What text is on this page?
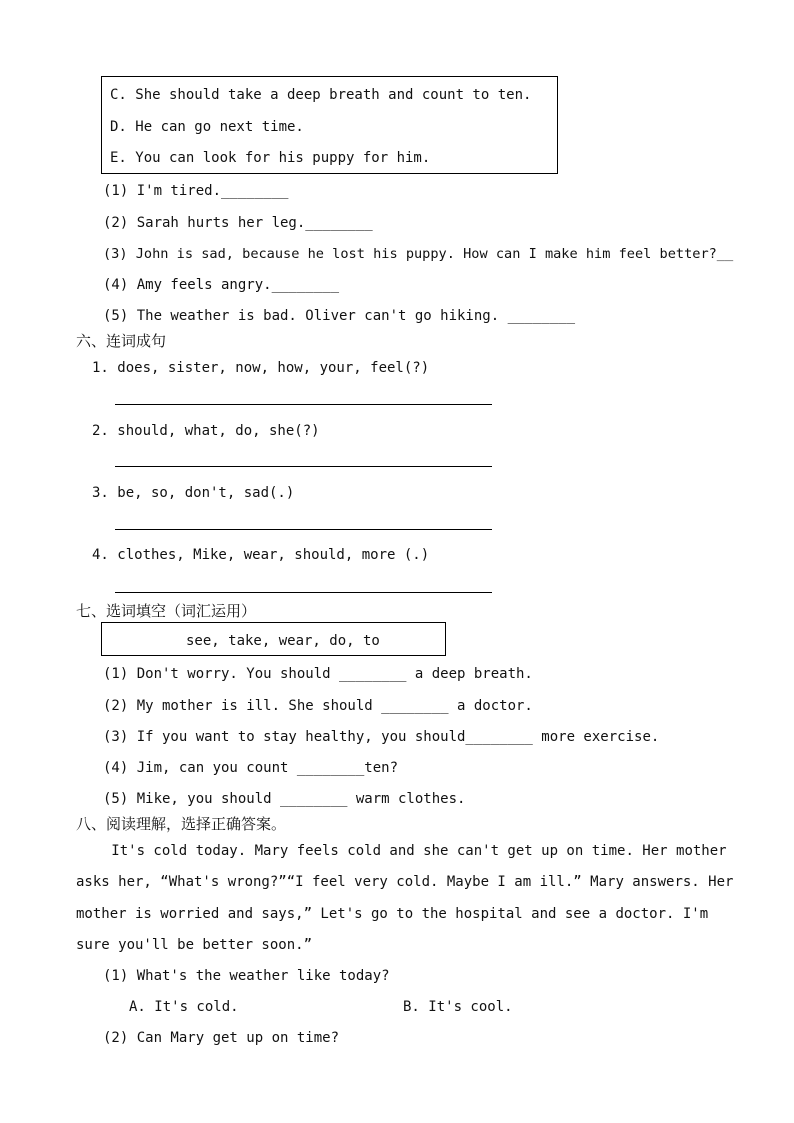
C. She should take a deep breath and count to ten.
D. He can go next time.
E. You can look for his puppy for him.
(1) I'm tired.________
(2) Sarah hurts her leg.________
(3) John is sad, because he lost his puppy. How can I make him feel better?__
(4) Amy feels angry.________
(5) The weather is bad. Oliver can't go hiking. ________
六、连词成句
1. does, sister, now, how, your, feel(?)
2. should, what, do, she(?)
3. be, so, don't, sad(.)
4. clothes, Mike, wear, should, more (.)
七、选词填空（词汇运用）
see, take, wear, do, to
(1) Don't worry. You should ________ a deep breath.
(2) My mother is ill. She should ________ a doctor.
(3) If you want to stay healthy, you should________ more exercise.
(4) Jim, can you count ________ten?
(5) Mike, you should ________ warm clothes.
八、阅读理解，选择正确答案。
It's cold today. Mary feels cold and she can't get up on time. Her mother
asks her, “What's wrong?”“I feel very cold. Maybe I am ill.” Mary answers. Her
mother is worried and says,” Let's go to the hospital and see a doctor. I'm
sure you'll be better soon.”
(1) What's the weather like today?
A. It's cold.	B. It's cool.
(2) Can Mary get up on time?
